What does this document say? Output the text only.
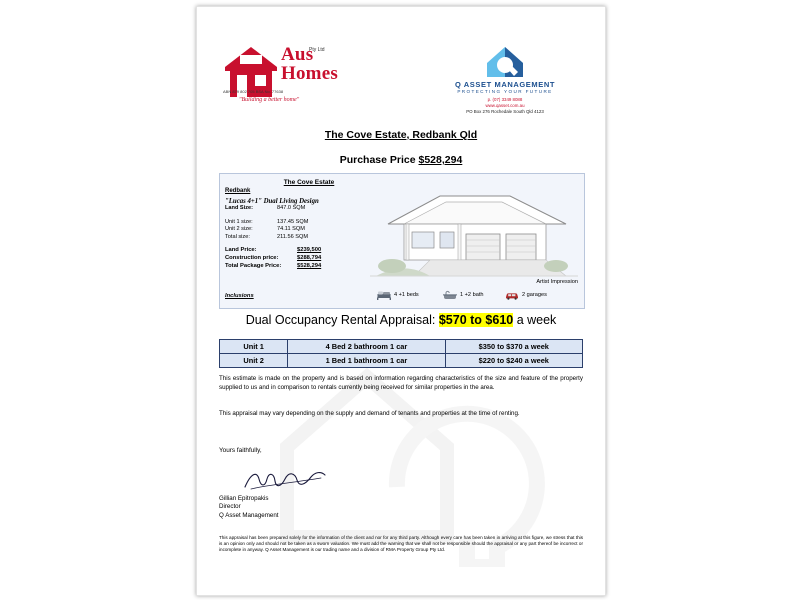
Aus
Homes
Pty Ltd
ABN 879 802 705 BSA No. 77638
"Building a better home"
Q ASSET MANAGEMENT
PROTECTING YOUR FUTURE
p. (07) 3349 8088
www.qasset.com.au
PO Box 276 Rochedale South Qld 4123
The Cove Estate, Redbank Qld
Purchase Price $528,294
The Cove Estate
Redbank
"Lucas 4+1" Dual Living Design
Land Size:	847.0 SQM
Unit 1 size:	137.45 SQM
Unit 2 size:	74.11 SQM
Total size:	211.56 SQM
Land Price:	$239,500
Construction price:	$288,794
Total Package Price:	$528,294
Artist Impression
Inclusions	4 +1 beds	1 +2 bath	2 garages
Dual Occupancy Rental Appraisal: $570 to $610 a week
Unit 1	4 Bed 2 bathroom 1 car	$350 to $370 a week
Unit 2	1 Bed 1 bathroom 1 car	$220 to $240 a week
This estimate is made on the property and is based on information regarding characteristics of the size and feature of the property supplied to us and in comparison to rentals currently being received for similar properties in the area.
This appraisal may vary depending on the supply and demand of tenants and properties at the time of renting.
Yours faithfully,
Gillian Epitropakis
Director
Q Asset Management
This appraisal has been prepared solely for the information of the client and nor for any third party. Although every care has been taken in arriving at this figure, we stress that this is an opinion only and should not be taken as a sworn valuation. We must add the warning that we shall not be responsible should the appraisal or any part thereof be incorrect or incomplete in anyway. Q Asset Management is our trading name and a division of RMA Property Group Pty Ltd.
